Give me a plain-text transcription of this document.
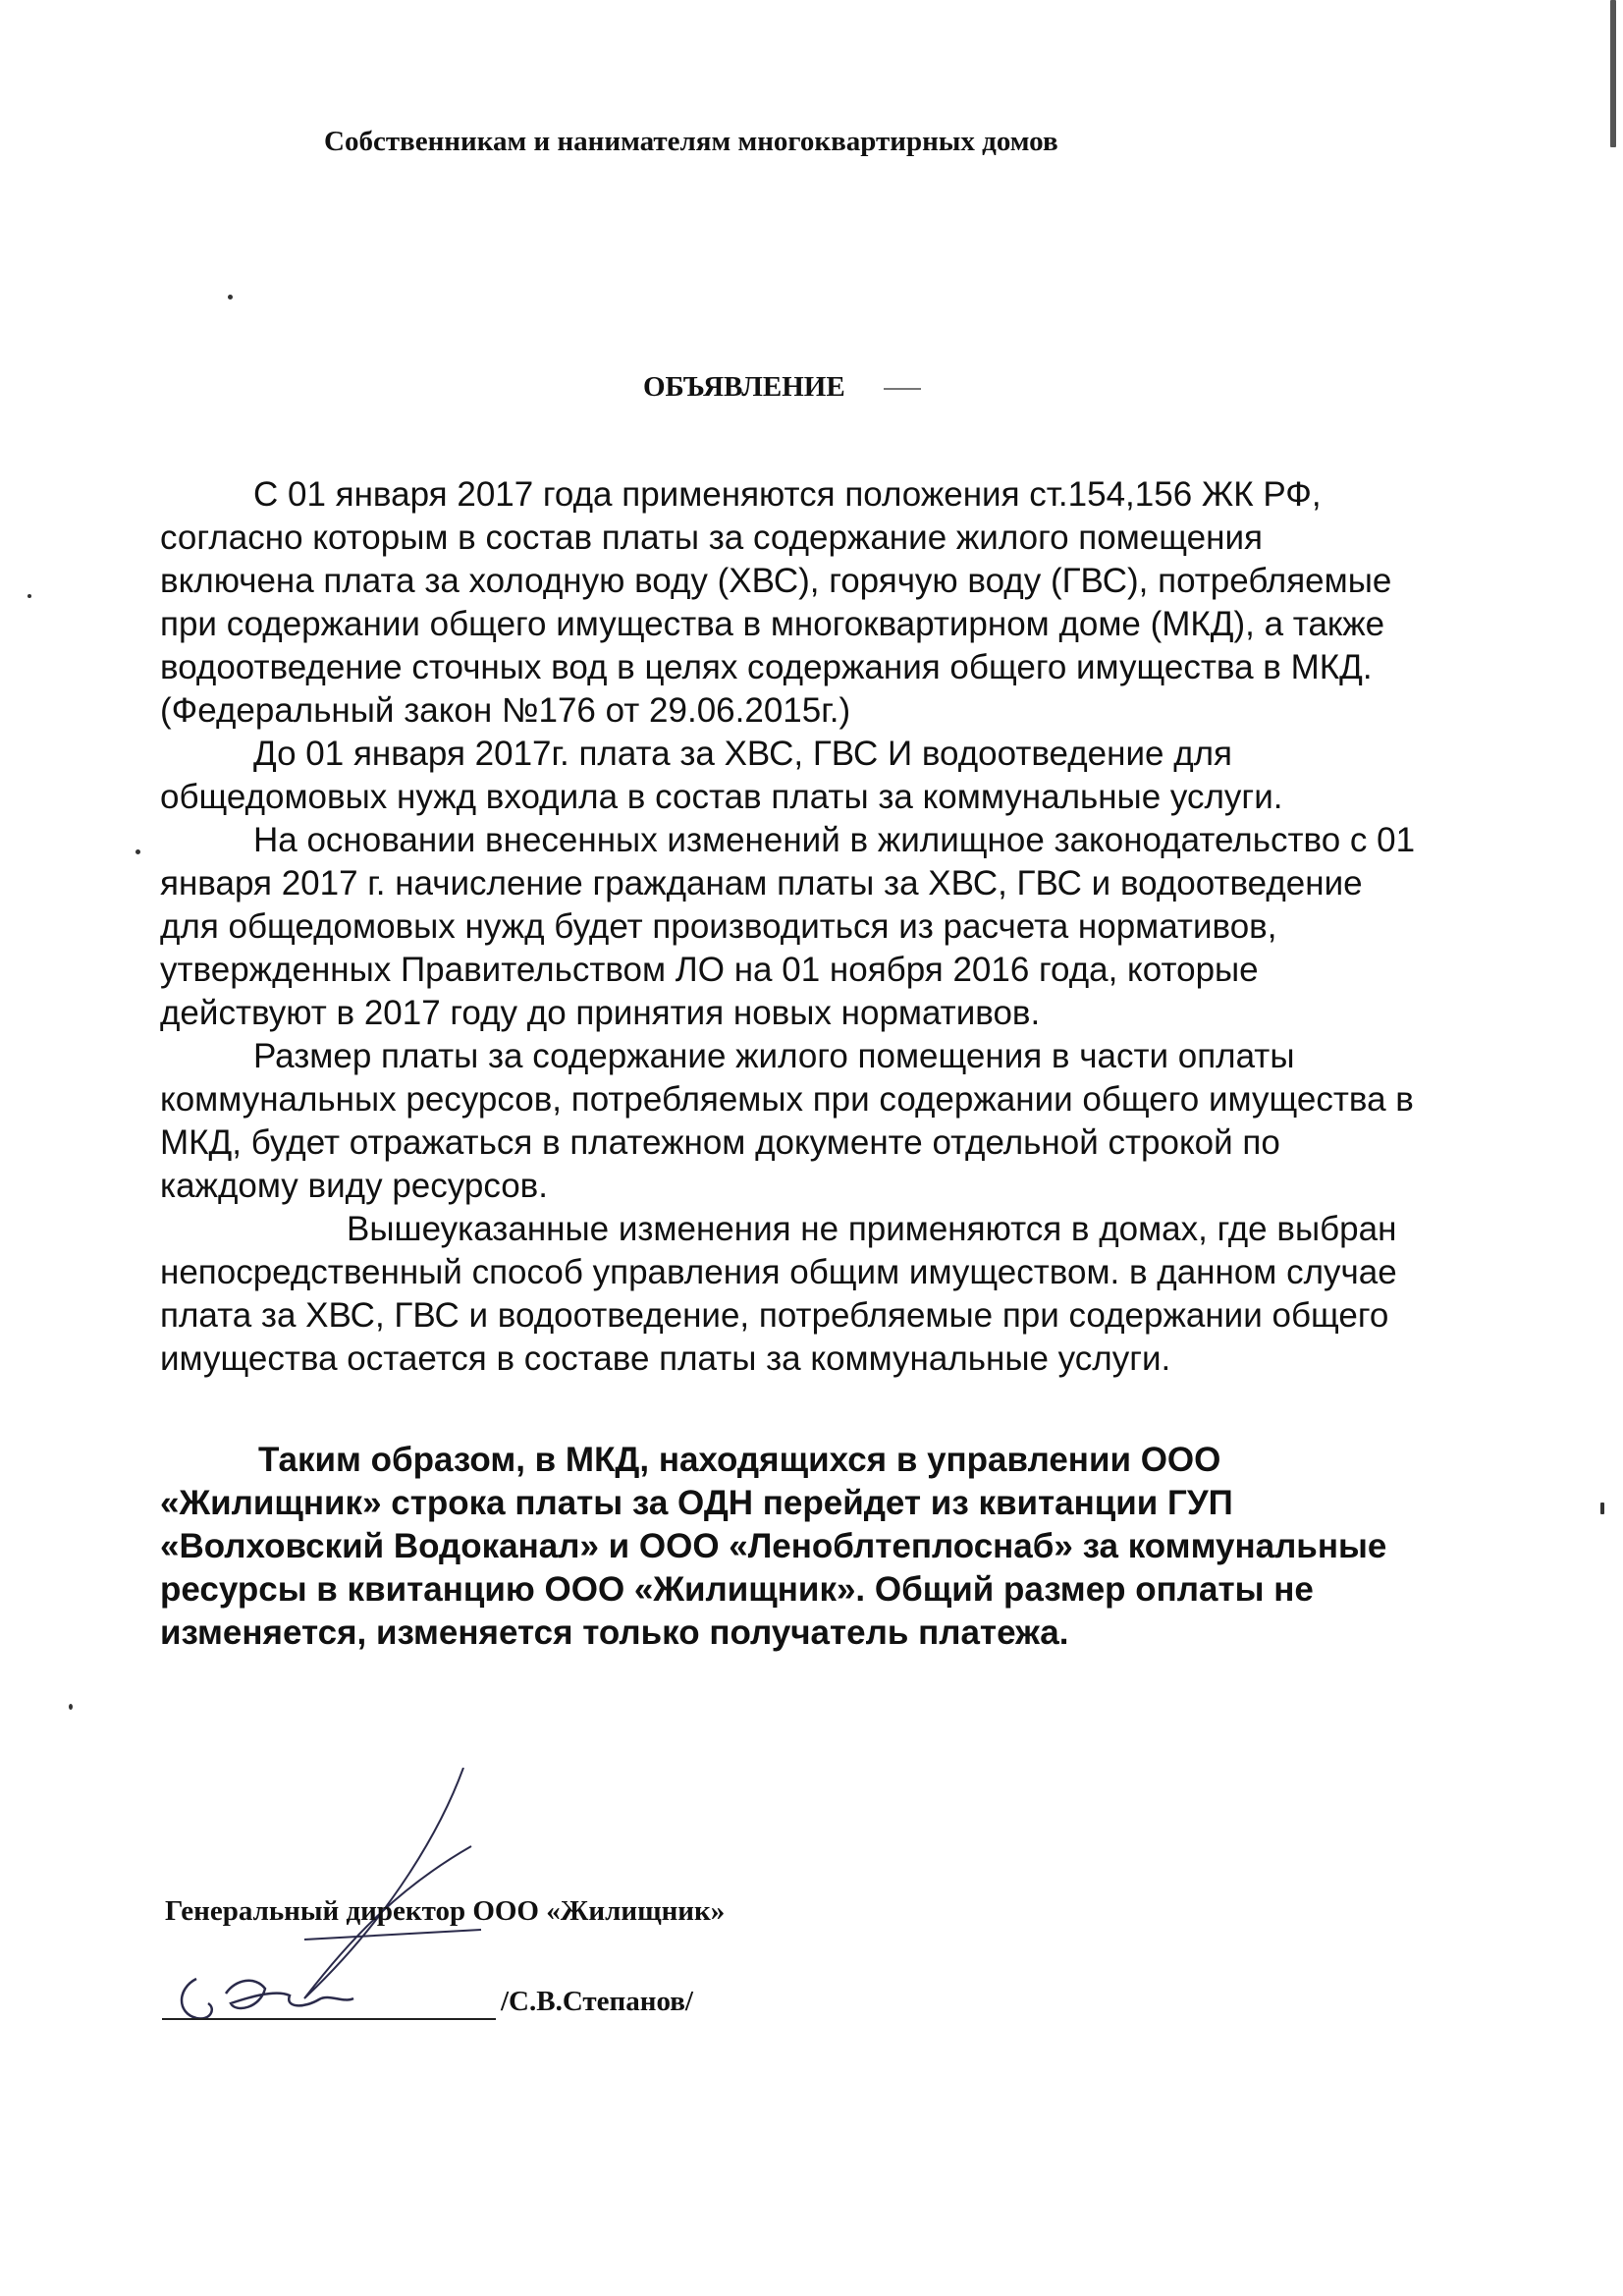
Собственникам и нанимателям многоквартирных домов
ОБЪЯВЛЕНИЕ

С 01 января 2017 года применяются положения ст.154,156 ЖК РФ, согласно которым в состав платы за содержание жилого помещения включена плата за холодную воду (ХВС), горячую воду (ГВС), потребляемые при содержании общего имущества в многоквартирном доме (МКД), а также водоотведение сточных вод в целях содержания общего имущества в МКД. (Федеральный закон №176 от 29.06.2015г.)

До 01 января 2017г. плата за ХВС, ГВС И водоотведение для общедомовых нужд входила в состав платы за коммунальные услуги.

На основании внесенных изменений в жилищное законодательство с 01 января 2017 г. начисление гражданам платы за ХВС, ГВС и водоотведение для общедомовых нужд будет производиться из расчета нормативов, утвержденных Правительством ЛО на 01 ноября 2016 года, которые действуют в 2017 году до принятия новых нормативов.

Размер платы за содержание жилого помещения в части оплаты коммунальных ресурсов, потребляемых при содержании общего имущества в МКД, будет отражаться в платежном документе отдельной строкой по каждому виду ресурсов.

Вышеуказанные изменения не применяются в домах, где выбран непосредственный способ управления общим имуществом. в данном случае плата за ХВС, ГВС и водоотведение, потребляемые при содержании общего имущества остается в составе платы за коммунальные услуги.

Таким образом, в МКД, находящихся в управлении ООО «Жилищник» строка платы за ОДН перейдет из квитанции ГУП «Волховский Водоканал» и ООО «Леноблтеплоснаб» за коммунальные ресурсы в квитанцию ООО «Жилищник». Общий размер оплаты не изменяется, изменяется только получатель платежа.

Генеральный директор ООО «Жилищник»
/С.В.Степанов/
